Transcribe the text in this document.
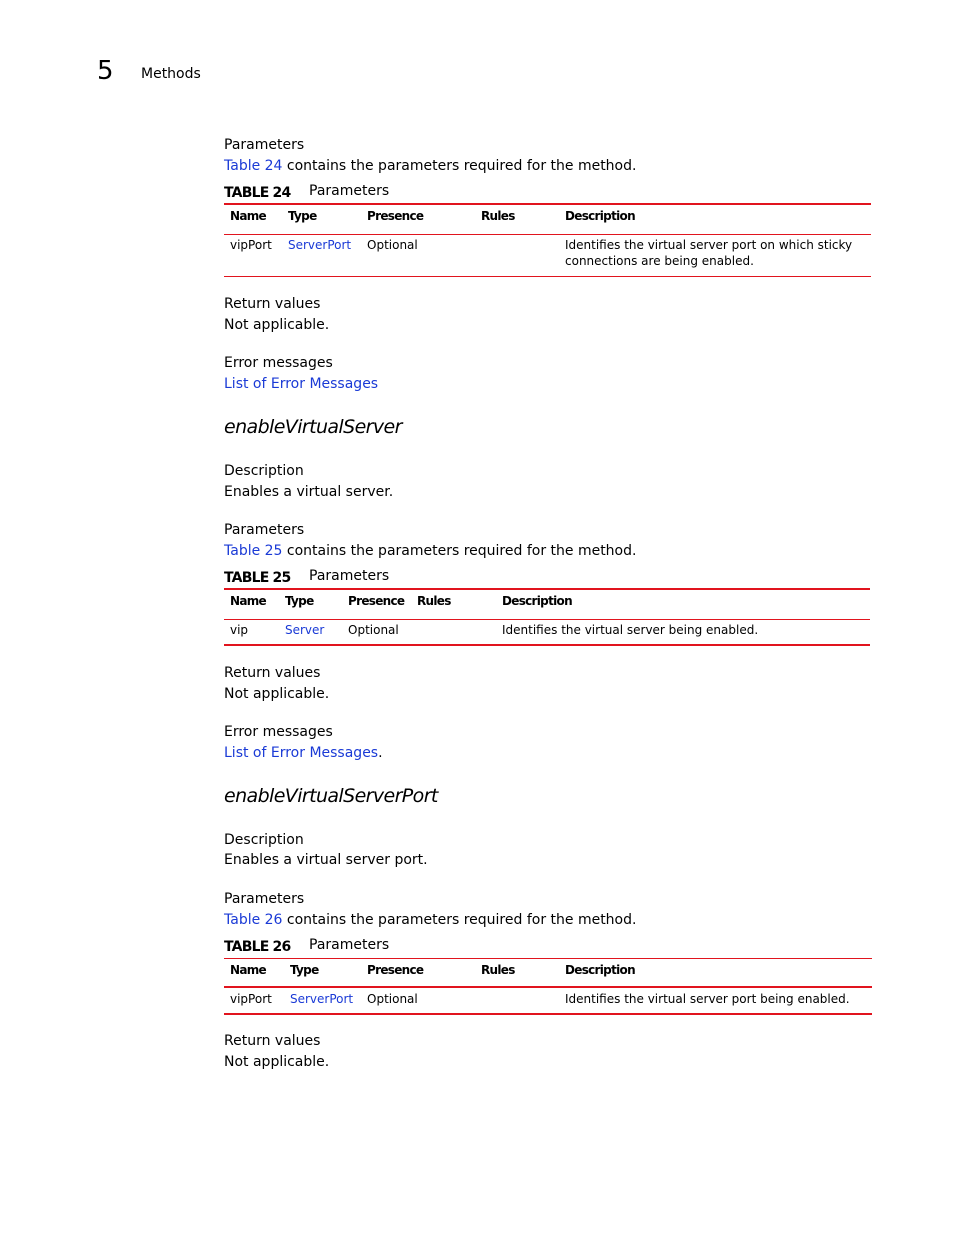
5 Methods
Parameters
Table 24 contains the parameters required for the method.
TABLE 24 Parameters
Name Type	Presence	Rules	Description
vipPort ServerPort Optional	Identifies the virtual server port on which sticky
connections are being enabled.
Return values
Not applicable.
Error messages
List of Error Messages
enableVirtualServer
Description
Enables a virtual server.
Parameters
Table 25 contains the parameters required for the method.
TABLE 25 Parameters
Name Type	Presence Rules	Description
vip	Server Optional	Identifies the virtual server being enabled.
Return values
Not applicable.
Error messages
List of Error Messages.
enableVirtualServerPort
Description
Enables a virtual server port.
Parameters
Table 26 contains the parameters required for the method.
TABLE 26 Parameters
Name Type	Presence	Rules	Description
vipPort ServerPort Optional	Identifies the virtual server port being enabled.
Return values
Not applicable.
